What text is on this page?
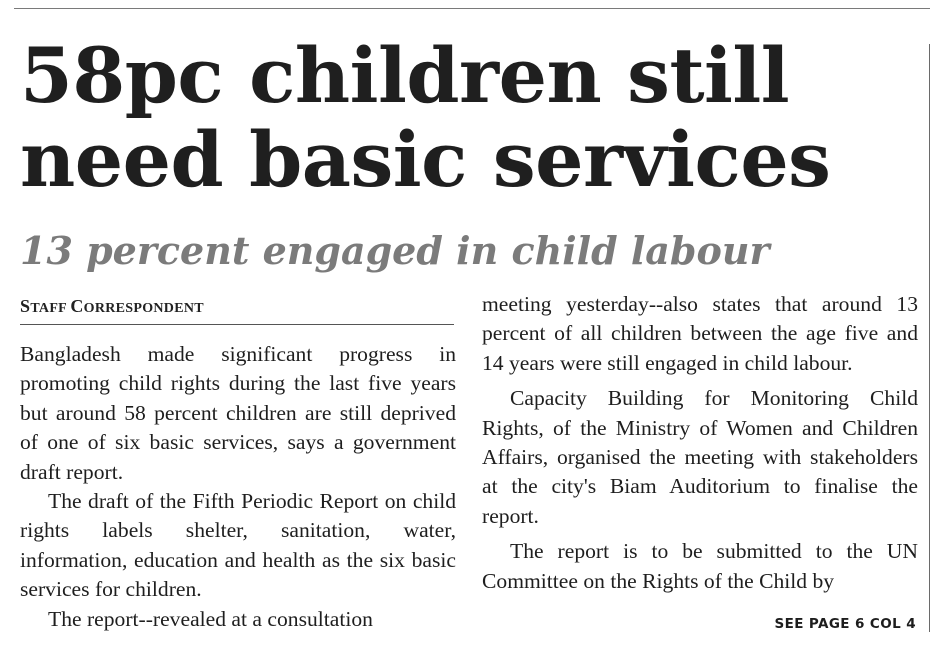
58pc children still
need basic services
13 percent engaged in child labour
STAFF CORRESPONDENT

Bangladesh made significant progress in promoting child rights during the last five years but around 58 percent children are still deprived of one of six basic services, says a government draft report.

The draft of the Fifth Periodic Report on child rights labels shelter, sanitation, water, information, education and health as the six basic services for children.

The report--revealed at a consultation

meeting yesterday--also states that around 13 percent of all children between the age five and 14 years were still engaged in child labour.

Capacity Building for Monitoring Child Rights, of the Ministry of Women and Children Affairs, organised the meeting with stakeholders at the city's Biam Auditorium to finalise the report.

The report is to be submitted to the UN Committee on the Rights of the Child by

SEE PAGE 6 COL 4
